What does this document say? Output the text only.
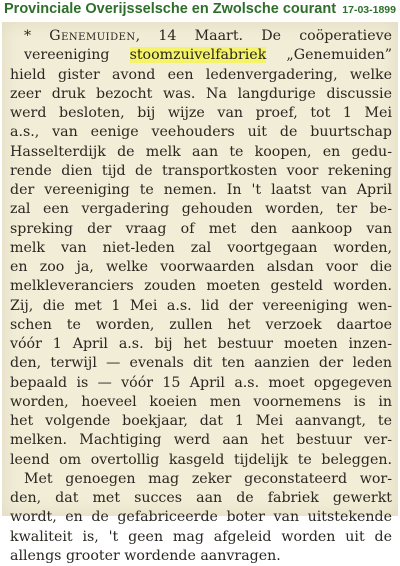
Provinciale Overijsselsche en Zwolsche courant 17-03-1899
* Genemuiden, 14 Maart. De coöperatieve
vereeniging stoomzuivelfabriek „Genemuiden”
hield gister avond een ledenvergadering, welke
zeer druk bezocht was. Na langdurige discussie
werd besloten, bij wijze van proef, tot 1 Mei
a.s., van eenige veehouders uit de buurtschap
Hasselterdijk de melk aan te koopen, en gedu-
rende dien tijd de transportkosten voor rekening
der vereeniging te nemen. In 't laatst van April
zal een vergadering gehouden worden, ter be-
spreking der vraag of met den aankoop van
melk van niet-leden zal voortgegaan worden,
en zoo ja, welke voorwaarden alsdan voor die
melkleveranciers zouden moeten gesteld worden.
Zij, die met 1 Mei a.s. lid der vereeniging wen-
schen te worden, zullen het verzoek daartoe
vóór 1 April a.s. bij het bestuur moeten inzen-
den, terwijl — evenals dit ten aanzien der leden
bepaald is — vóór 15 April a.s. moet opgegeven
worden, hoeveel koeien men voornemens is in
het volgende boekjaar, dat 1 Mei aanvangt, te
melken. Machtiging werd aan het bestuur ver-
leend om overtollig kasgeld tijdelijk te beleggen.
Met genoegen mag zeker geconstateerd wor-
den, dat met succes aan de fabriek gewerkt
wordt, en de gefabriceerde boter van uitstekende
kwaliteit is, 't geen mag afgeleid worden uit de
allengs grooter wordende aanvragen.
